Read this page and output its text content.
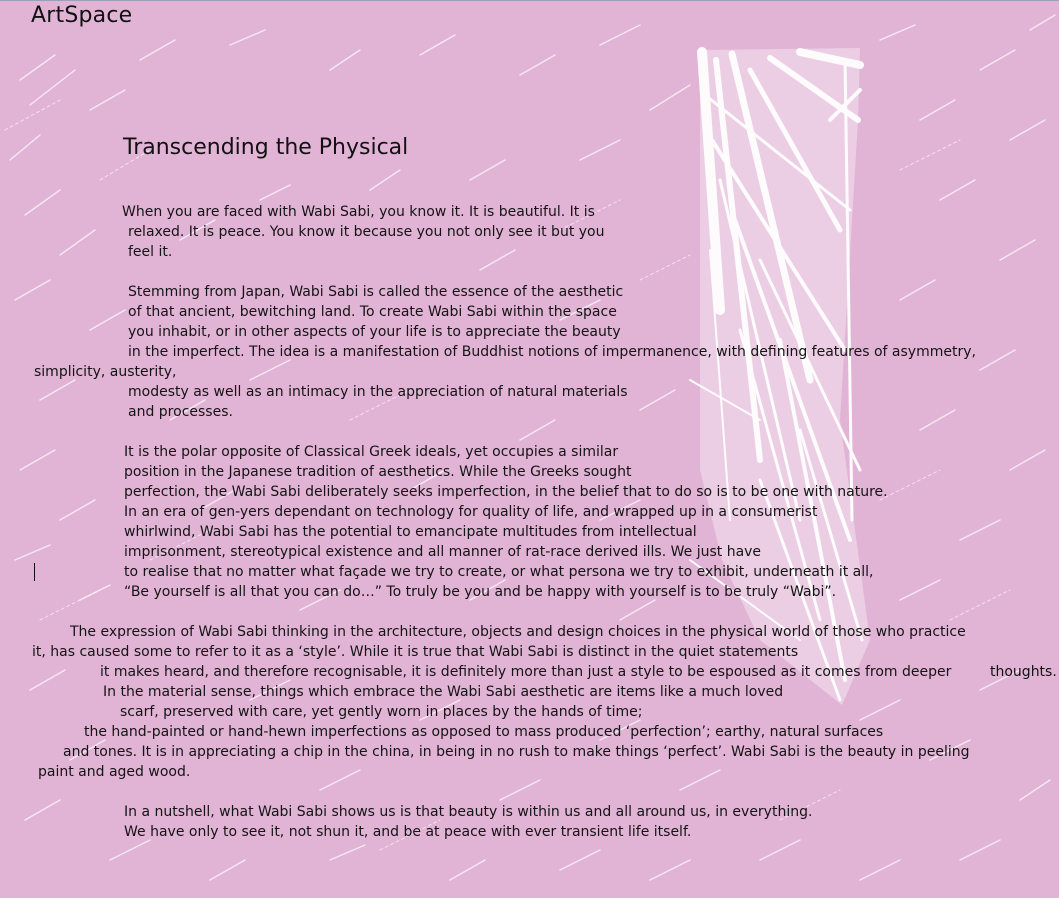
ArtSpace
Transcending the Physical
When you are faced with Wabi Sabi, you know it. It is beautiful. It is
relaxed. It is peace. You know it because you not only see it but you
feel it.
Stemming from Japan, Wabi Sabi is called the essence of the aesthetic
of that ancient, bewitching land. To create Wabi Sabi within the space
you inhabit, or in other aspects of your life is to appreciate the beauty
in the imperfect. The idea is a manifestation of Buddhist notions of impermanence, with defining features of asymmetry,
simplicity, austerity,
modesty as well as an intimacy in the appreciation of natural materials
and processes.
It is the polar opposite of Classical Greek ideals, yet occupies a similar
position in the Japanese tradition of aesthetics. While the Greeks sought
perfection, the Wabi Sabi deliberately seeks imperfection, in the belief that to do so is to be one with nature.
In an era of gen-yers dependant on technology for quality of life, and wrapped up in a consumerist
whirlwind, Wabi Sabi has the potential to emancipate multitudes from intellectual
imprisonment, stereotypical existence and all manner of rat-race derived ills. We just have
to realise that no matter what façade we try to create, or what persona we try to exhibit, underneath it all,
“Be yourself is all that you can do…” To truly be you and be happy with yourself is to be truly “Wabi”.
The expression of Wabi Sabi thinking in the architecture, objects and design choices in the physical world of those who practice
it, has caused some to refer to it as a ‘style’. While it is true that Wabi Sabi is distinct in the quiet statements
it makes heard, and therefore recognisable, it is definitely more than just a style to be espoused as it comes from deeper	thoughts.
In the material sense, things which embrace the Wabi Sabi aesthetic are items like a much loved
scarf, preserved with care, yet gently worn in places by the hands of time;
the hand-painted or hand-hewn imperfections as opposed to mass produced ‘perfection’; earthy, natural surfaces
and tones. It is in appreciating a chip in the china, in being in no rush to make things ‘perfect’. Wabi Sabi is the beauty in peeling
paint and aged wood.
In a nutshell, what Wabi Sabi shows us is that beauty is within us and all around us, in everything.
We have only to see it, not shun it, and be at peace with ever transient life itself.
